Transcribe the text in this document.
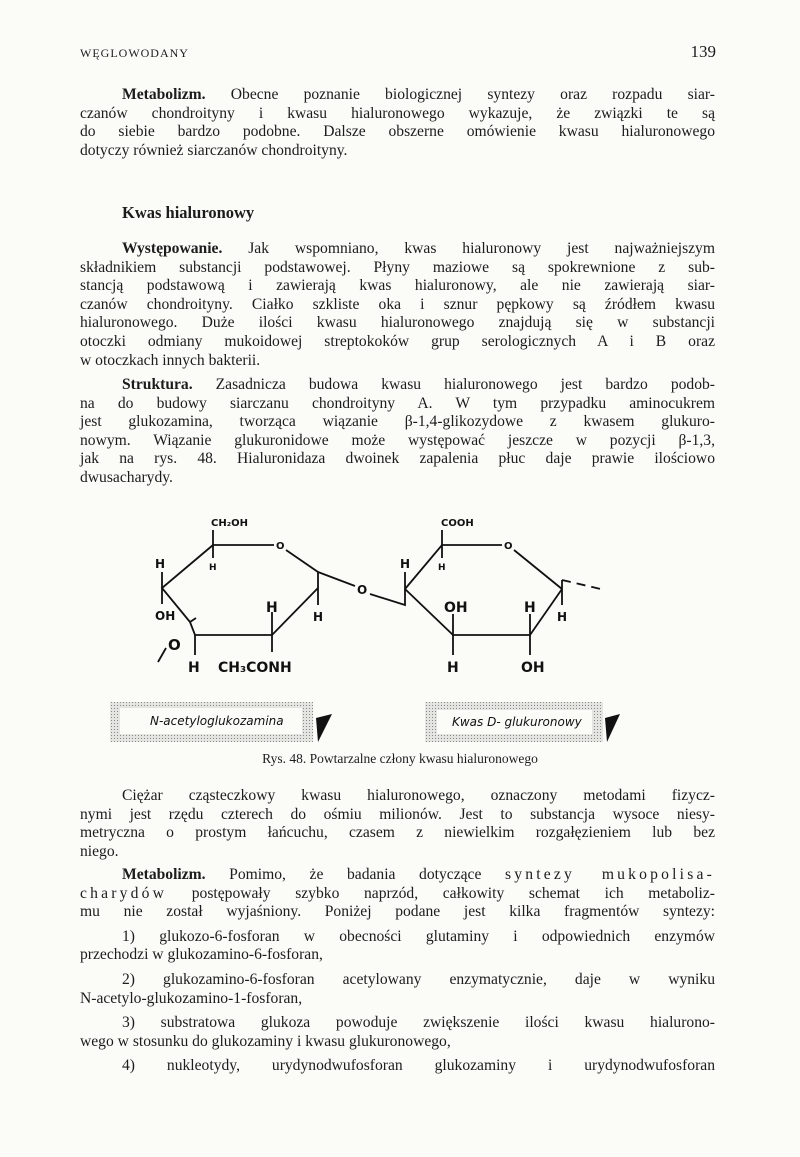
WĘGLOWODANY	139
Metabolizm. Obecne poznanie biologicznej syntezy oraz rozpadu siar-
czanów chondroityny i kwasu hialuronowego wykazuje, że związki te są
do siebie bardzo podobne. Dalsze obszerne omówienie kwasu hialuronowego
dotyczy również siarczanów chondroityny.
Kwas hialuronowy
Występowanie. Jak wspomniano, kwas hialuronowy jest najważniejszym
składnikiem substancji podstawowej. Płyny maziowe są spokrewnione z sub-
stancją podstawową i zawierają kwas hialuronowy, ale nie zawierają siar-
czanów chondroityny. Ciałko szkliste oka i sznur pępkowy są źródłem kwasu
hialuronowego. Duże ilości kwasu hialuronowego znajdują się w substancji
otoczki odmiany mukoidowej streptokoków grup serologicznych A i B oraz
w otoczkach innych bakterii.
Struktura. Zasadnicza budowa kwasu hialuronowego jest bardzo podob-
na do budowy siarczanu chondroityny A. W tym przypadku aminocukrem
jest glukozamina, tworząca wiązanie β-1,4-glikozydowe z kwasem glukuro-
nowym. Wiązanie glukuronidowe może występować jeszcze w pozycji β-1,3,
jak na rys. 48. Hialuronidaza dwoinek zapalenia płuc daje prawie ilościowo
dwusacharydy.
CH₂OH
O
H	H
OH	H
H
O
H CH₃CONH
O
COOH
O
H	H
OH	H
H
H	OH
N-acetyloglukozamina	Kwas D- glukuronowy
Rys. 48. Powtarzalne człony kwasu hialuronowego
Ciężar cząsteczkowy kwasu hialuronowego, oznaczony metodami fizycz-
nymi jest rzędu czterech do ośmiu milionów. Jest to substancja wysoce niesy-
metryczna o prostym łańcuchu, czasem z niewielkim rozgałęzieniem lub bez
niego.
Metabolizm. Pomimo, że badania dotyczące syntezy mukopolisa-
charydów postępowały szybko naprzód, całkowity schemat ich metaboliz-
mu nie został wyjaśniony. Poniżej podane jest kilka fragmentów syntezy:
1) glukozo-6-fosforan w obecności glutaminy i odpowiednich enzymów
przechodzi w glukozamino-6-fosforan,
2) glukozamino-6-fosforan acetylowany enzymatycznie, daje w wyniku
N-acetylo-glukozamino-1-fosforan,
3) substratowa glukoza powoduje zwiększenie ilości kwasu hialurono-
wego w stosunku do glukozaminy i kwasu glukuronowego,
4) nukleotydy, urydynodwufosforan glukozaminy i urydynodwufosforan
